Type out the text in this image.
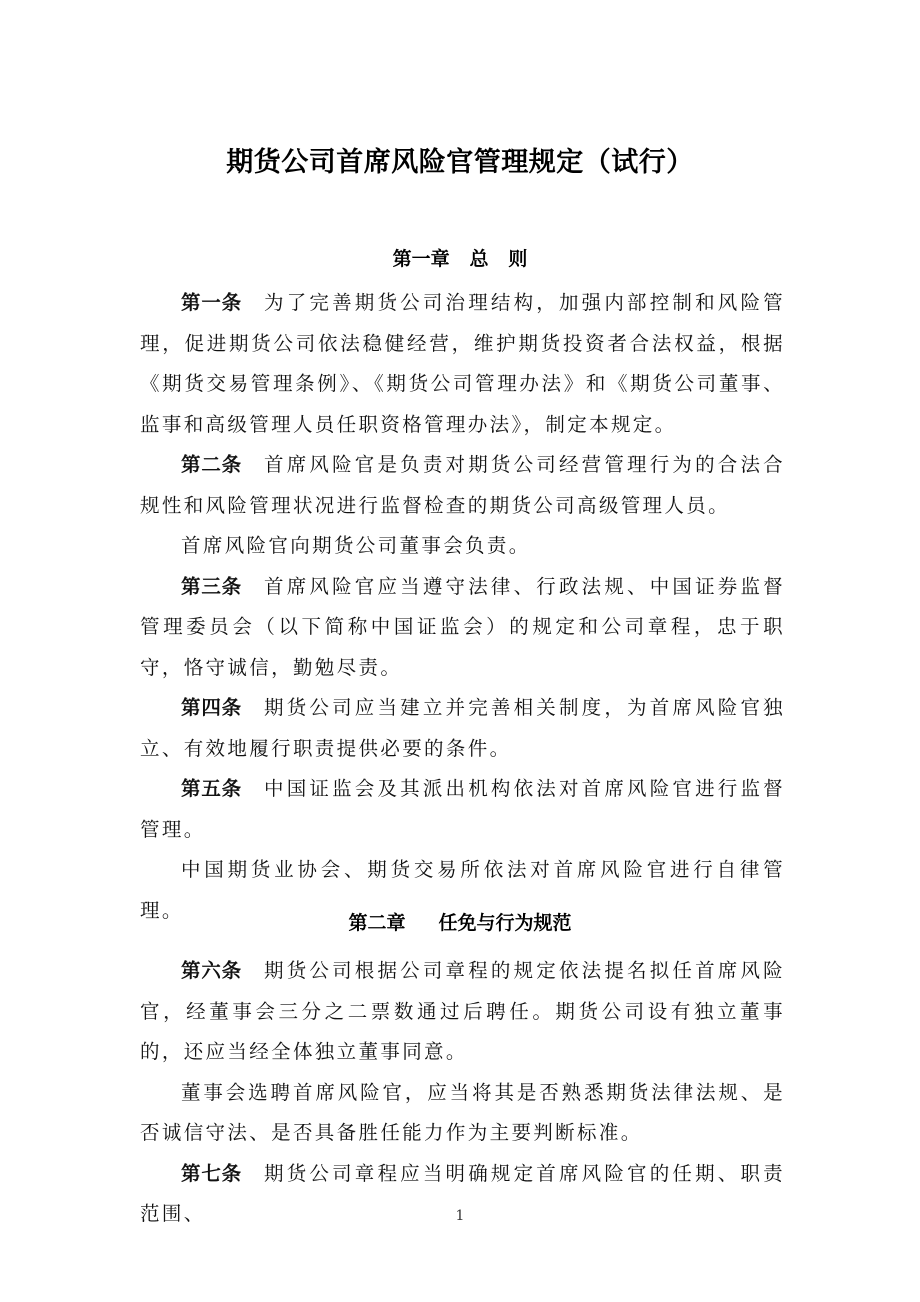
期货公司首席风险官管理规定（试行）
第一章   总   则

第一条 为了完善期货公司治理结构，加强内部控制和风险管理，促进期货公司依法稳健经营，维护期货投资者合法权益，根据《期货交易管理条例》、《期货公司管理办法》和《期货公司董事、监事和高级管理人员任职资格管理办法》，制定本规定。

第二条 首席风险官是负责对期货公司经营管理行为的合法合规性和风险管理状况进行监督检查的期货公司高级管理人员。

首席风险官向期货公司董事会负责。

第三条 首席风险官应当遵守法律、行政法规、中国证券监督管理委员会（以下简称中国证监会）的规定和公司章程，忠于职守，恪守诚信，勤勉尽责。

第四条 期货公司应当建立并完善相关制度，为首席风险官独立、有效地履行职责提供必要的条件。

第五条 中国证监会及其派出机构依法对首席风险官进行监督管理。

中国期货业协会、期货交易所依法对首席风险官进行自律管理。

第二章     任免与行为规范

第六条 期货公司根据公司章程的规定依法提名拟任首席风险官，经董事会三分之二票数通过后聘任。期货公司设有独立董事的，还应当经全体独立董事同意。

董事会选聘首席风险官，应当将其是否熟悉期货法律法规、是否诚信守法、是否具备胜任能力作为主要判断标准。

第七条 期货公司章程应当明确规定首席风险官的任期、职责范围、	1
